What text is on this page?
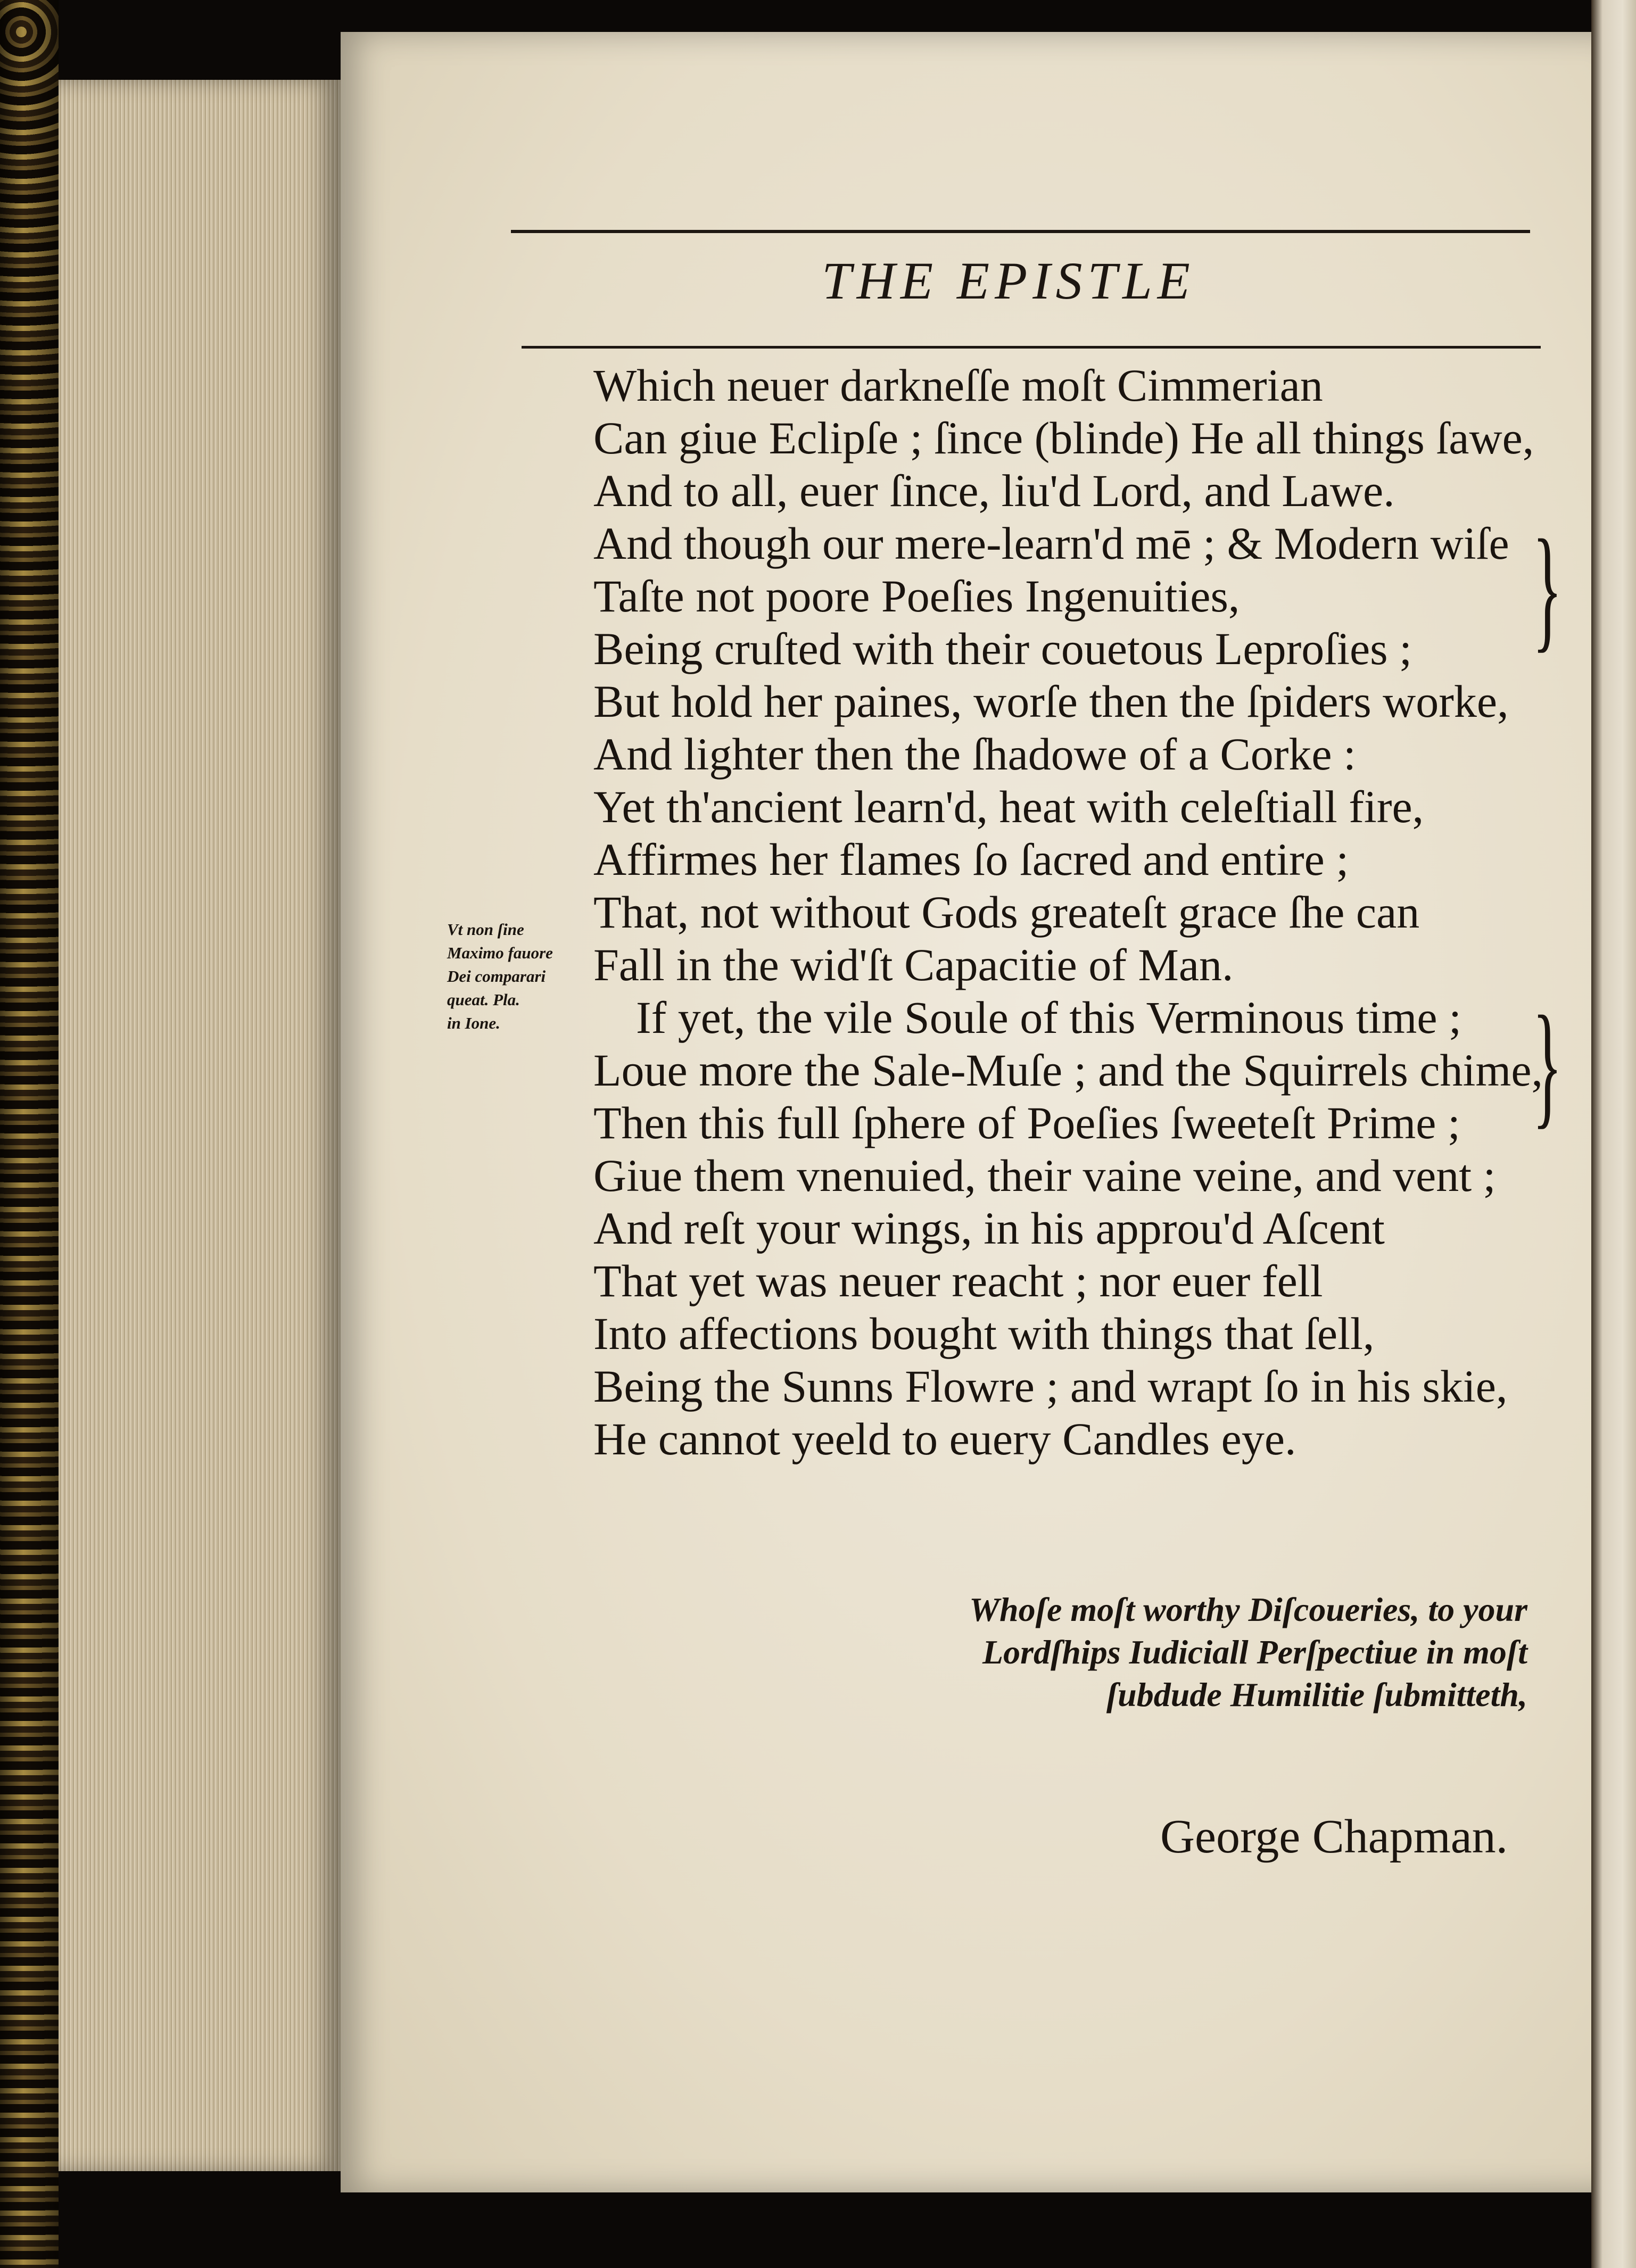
THE EPISTLE
Which neuer darkneſſe moſt Cimmerian
Can giue Eclipſe ; ſince (blinde) He all things ſawe,
And to all, euer ſince, liu'd Lord, and Lawe.
And though our mere-learn'd mē ; & Modern wiſe
Taſte not poore Poeſies Ingenuities,
Being cruſted with their couetous Leproſies ;
But hold her paines, worſe then the ſpiders worke,
And lighter then the ſhadowe of a Corke :
Yet th'ancient learn'd, heat with celeſtiall fire,
Affirmes her flames ſo ſacred and entire ;
That, not without Gods greateſt grace ſhe can
Fall in the wid'ſt Capacitie of Man.
If yet, the vile Soule of this Verminous time ;
Loue more the Sale-Muſe ; and the Squirrels chime,
Then this full ſphere of Poeſies ſweeteſt Prime ;
Giue them vnenuied, their vaine veine, and vent ;
And reſt your wings, in his approu'd Aſcent
That yet was neuer reacht ; nor euer fell
Into affections bought with things that ſell,
Being the Sunns Flowre ; and wrapt ſo in his skie,
He cannot yeeld to euery Candles eye.
}
}
Vt non ſine
Maximo fauore
Dei comparari
queat. Pla.
in Ione.
Whoſe moſt worthy Diſcoueries, to your
Lordſhips Iudiciall Perſpectiue in moſt
ſubdude Humilitie ſubmitteth,
George Chapman.
